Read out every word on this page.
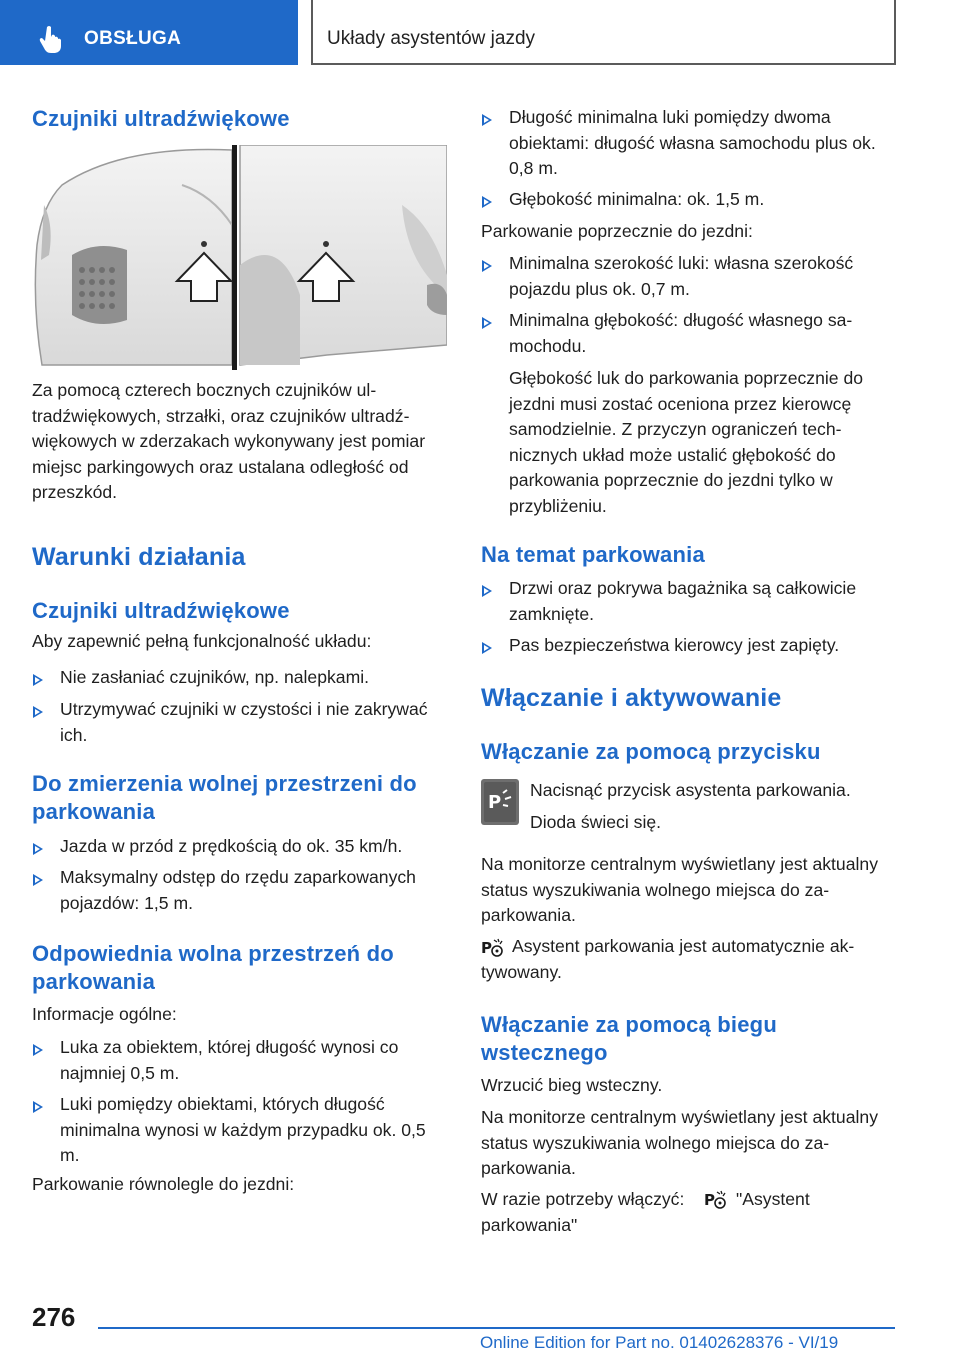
OBSŁUGA	Układy asystentów jazdy
Czujniki ultradźwiękowe
Za pomocą czterech bocznych czujników ultradźwiękowych, strzałki, oraz czujników ultradźwiękowych w zderzakach wykonywany jest pomiar miejsc parkingowych oraz ustalana odległość od przeszkód.
Warunki działania
Czujniki ultradźwiękowe
Aby zapewnić pełną funkcjonalność układu:
Nie zasłaniać czujników, np. nalepkami.
Utrzymywać czujniki w czystości i nie zakrywać ich.
Do zmierzenia wolnej przestrzeni do parkowania
Jazda w przód z prędkością do ok. 35 km/h.
Maksymalny odstęp do rzędu zaparkowanych pojazdów: 1,5 m.
Odpowiednia wolna przestrzeń do parkowania
Informacje ogólne:
Luka za obiektem, której długość wynosi co najmniej 0,5 m.
Luki pomiędzy obiektami, których długość minimalna wynosi w każdym przypadku ok. 0,5 m.
Parkowanie równolegle do jezdni:
Długość minimalna luki pomiędzy dwoma obiektami: długość własna samochodu plus ok. 0,8 m.
Głębokość minimalna: ok. 1,5 m.
Parkowanie poprzecznie do jezdni:
Minimalna szerokość luki: własna szerokość pojazdu plus ok. 0,7 m.
Minimalna głębokość: długość własnego samochodu.
Głębokość luk do parkowania poprzecznie do jezdni musi zostać oceniona przez kierowcę samodzielnie. Z przyczyn ograniczeń technicznych układ może ustalić głębokość do parkowania poprzecznie do jezdni tylko w przybliżeniu.
Na temat parkowania
Drzwi oraz pokrywa bagażnika są całkowicie zamknięte.
Pas bezpieczeństwa kierowcy jest zapięty.
Włączanie i aktywowanie
Włączanie za pomocą przycisku
P
Nacisnąć przycisk asystenta parkowania.
Dioda świeci się.
Na monitorze centralnym wyświetlany jest aktualny status wyszukiwania wolnego miejsca do zaparkowania.
P	Asystent parkowania jest automatycznie aktywowany.
Włączanie za pomocą biegu wstecznego
Wrzucić bieg wsteczny.
Na monitorze centralnym wyświetlany jest aktualny status wyszukiwania wolnego miejsca do zaparkowania.
W razie potrzeby włączyć: P	"Asystent parkowania"
276
Online Edition for Part no. 01402628376 - VI/19
